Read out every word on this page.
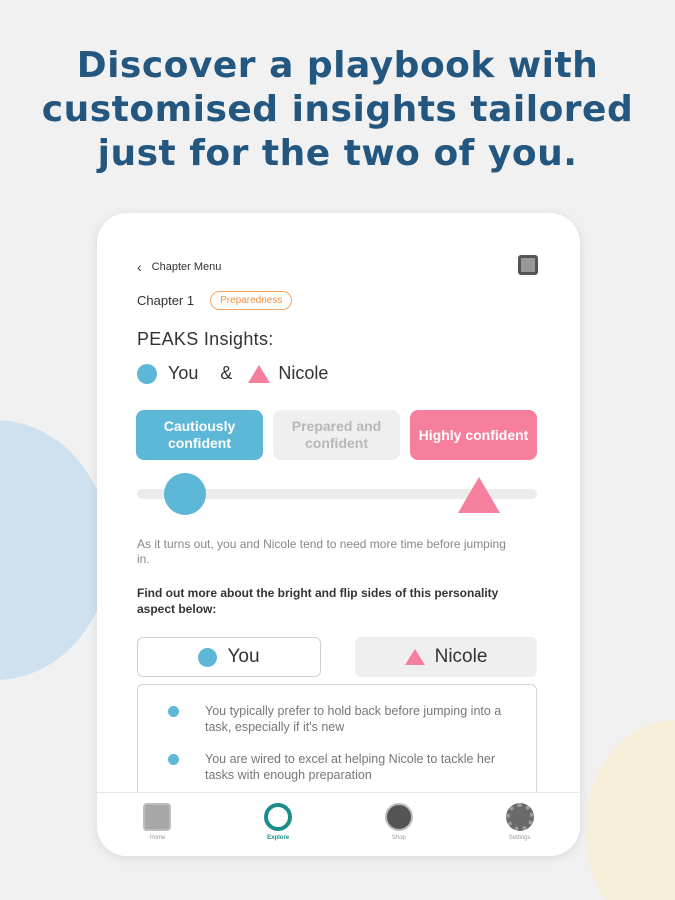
Discover a playbook with
customised insights tailored
just for the two of you.
‹ Chapter Menu
Chapter 1	Preparedness
PEAKS Insights:
You &	Nicole
Cautiously confident
Prepared and confident
Highly confident
As it turns out, you and Nicole tend to need more time before jumping in.
Find out more about the bright and flip sides of this personality aspect below:
You	Nicole
You typically prefer to hold back before jumping into a task, especially if it's new
You are wired to excel at helping Nicole to tackle her tasks with enough preparation
Home	Explore	Shop	Settings
